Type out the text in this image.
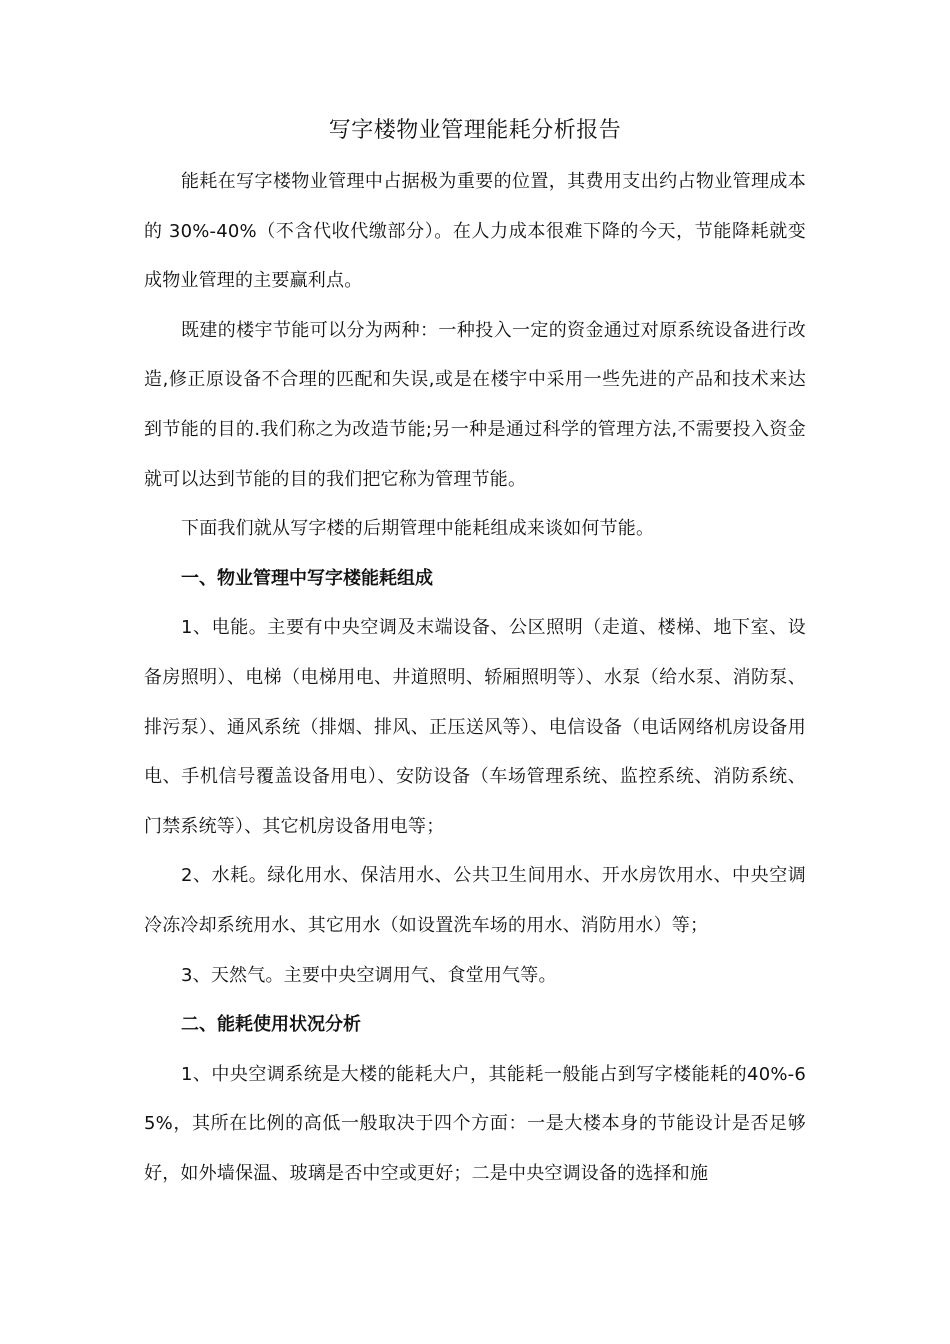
写字楼物业管理能耗分析报告

能耗在写字楼物业管理中占据极为重要的位置，其费用支出约占物业管理成本的 30%-40%（不含代收代缴部分）。在人力成本很难下降的今天，节能降耗就变成物业管理的主要赢利点。

既建的楼宇节能可以分为两种：一种投入一定的资金通过对原系统设备进行改造,修正原设备不合理的匹配和失误,或是在楼宇中采用一些先进的产品和技术来达到节能的目的.我们称之为改造节能;另一种是通过科学的管理方法,不需要投入资金就可以达到节能的目的我们把它称为管理节能。

下面我们就从写字楼的后期管理中能耗组成来谈如何节能。

一、物业管理中写字楼能耗组成

1、电能。主要有中央空调及末端设备、公区照明（走道、楼梯、地下室、设备房照明）、电梯（电梯用电、井道照明、轿厢照明等）、水泵（给水泵、消防泵、排污泵）、通风系统（排烟、排风、正压送风等）、电信设备（电话网络机房设备用电、手机信号覆盖设备用电）、安防设备（车场管理系统、监控系统、消防系统、门禁系统等）、其它机房设备用电等；

2、水耗。绿化用水、保洁用水、公共卫生间用水、开水房饮用水、中央空调冷冻冷却系统用水、其它用水（如设置洗车场的用水、消防用水）等；

3、天然气。主要中央空调用气、食堂用气等。

二、能耗使用状况分析

1、中央空调系统是大楼的能耗大户，其能耗一般能占到写字楼能耗的40%-65%，其所在比例的高低一般取决于四个方面：一是大楼本身的节能设计是否足够好，如外墙保温、玻璃是否中空或更好；二是中央空调设备的选择和施
